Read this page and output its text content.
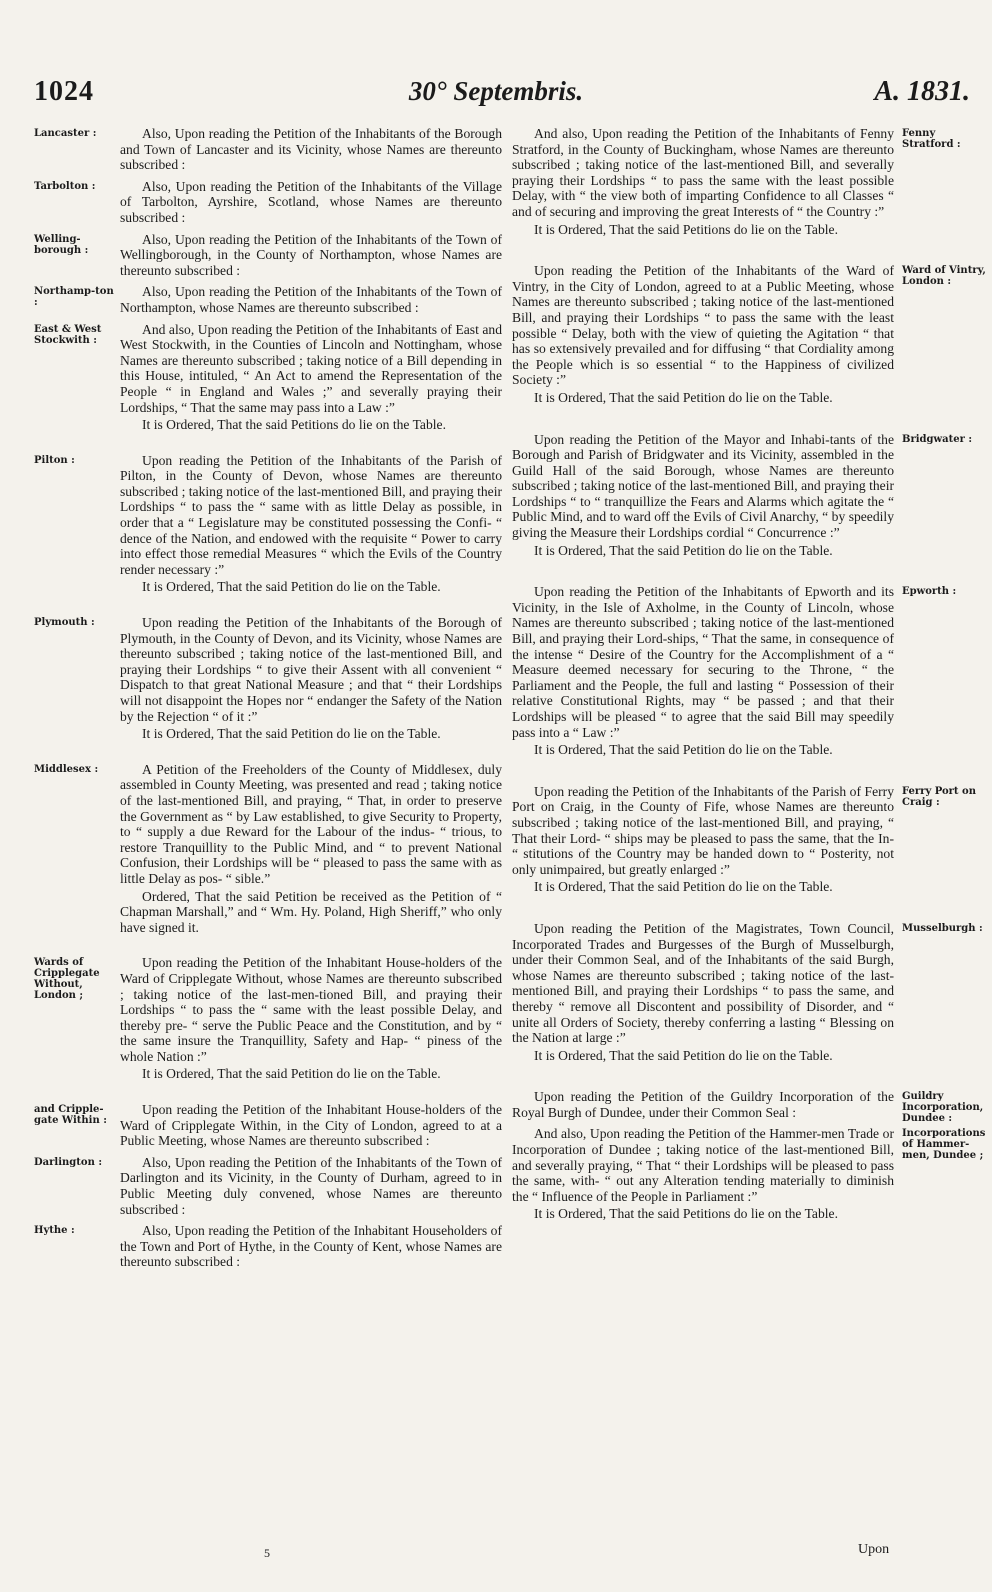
1024	30° Septembris.	A. 1831.
Lancaster :	Also, Upon reading the Petition of the Inhabitants of the Borough and Town of Lancaster and its Vicinity, whose Names are thereunto subscribed :

Tarbolton :	Also, Upon reading the Petition of the Inhabitants of the Village of Tarbolton, Ayrshire, Scotland, whose Names are thereunto subscribed :

Welling-borough :

Also, Upon reading the Petition of the Inhabitants of the Town of Wellingborough, in the County of Northampton, whose Names are thereunto subscribed :

Northamp-ton :

Also, Upon reading the Petition of the Inhabitants of the Town of Northampton, whose Names are thereunto subscribed :

East & West Stockwith :

And also, Upon reading the Petition of the Inhabitants of East and West Stockwith, in the Counties of Lincoln and Nottingham, whose Names are thereunto subscribed ; taking notice of a Bill depending in this House, intituled, “ An Act to amend the Representation of the People “ in England and Wales ;” and severally praying their Lordships, “ That the same may pass into a Law :”

It is Ordered, That the said Petitions do lie on the Table.

Pilton :	Upon reading the Petition of the Inhabitants of the Parish of Pilton, in the County of Devon, whose Names are thereunto subscribed ; taking notice of the last-mentioned Bill, and praying their Lordships “ to pass the “ same with as little Delay as possible, in order that a “ Legislature may be constituted possessing the Confi- “ dence of the Nation, and endowed with the requisite “ Power to carry into effect those remedial Measures “ which the Evils of the Country render necessary :”

It is Ordered, That the said Petition do lie on the Table.

Plymouth :	Upon reading the Petition of the Inhabitants of the Borough of Plymouth, in the County of Devon, and its Vicinity, whose Names are thereunto subscribed ; taking notice of the last-mentioned Bill, and praying their Lordships “ to give their Assent with all convenient “ Dispatch to that great National Measure ; and that “ their Lordships will not disappoint the Hopes nor “ endanger the Safety of the Nation by the Rejection “ of it :”

It is Ordered, That the said Petition do lie on the Table.

Middlesex :	A Petition of the Freeholders of the County of Middlesex, duly assembled in County Meeting, was presented and read ; taking notice of the last-mentioned Bill, and praying, “ That, in order to preserve the Government as “ by Law established, to give Security to Property, to “ supply a due Reward for the Labour of the indus- “ trious, to restore Tranquillity to the Public Mind, and “ to prevent National Confusion, their Lordships will be “ pleased to pass the same with as little Delay as pos- “ sible.”

Ordered, That the said Petition be received as the Petition of “ Chapman Marshall,” and “ Wm. Hy. Poland, High Sheriff,” who only have signed it.

Wards of Cripplegate Without, London ;

Upon reading the Petition of the Inhabitant House-holders of the Ward of Cripplegate Without, whose Names are thereunto subscribed ; taking notice of the last-men-tioned Bill, and praying their Lordships “ to pass the “ same with the least possible Delay, and thereby pre- “ serve the Public Peace and the Constitution, and by “ the same insure the Tranquillity, Safety and Hap- “ piness of the whole Nation :”

It is Ordered, That the said Petition do lie on the Table.

and Cripple-gate Within :

Upon reading the Petition of the Inhabitant House-holders of the Ward of Cripplegate Within, in the City of London, agreed to at a Public Meeting, whose Names are thereunto subscribed :

Darlington :	Also, Upon reading the Petition of the Inhabitants of the Town of Darlington and its Vicinity, in the County of Durham, agreed to in Public Meeting duly convened, whose Names are thereunto subscribed :

Hythe :	Also, Upon reading the Petition of the Inhabitant Householders of the Town and Port of Hythe, in the County of Kent, whose Names are thereunto subscribed :

Fenny Stratford :

And also, Upon reading the Petition of the Inhabitants of Fenny Stratford, in the County of Buckingham, whose Names are thereunto subscribed ; taking notice of the last-mentioned Bill, and severally praying their Lordships “ to pass the same with the least possible Delay, with “ the view both of imparting Confidence to all Classes “ and of securing and improving the great Interests of “ the Country :”

It is Ordered, That the said Petitions do lie on the Table.

Ward of Vintry, London :

Upon reading the Petition of the Inhabitants of the Ward of Vintry, in the City of London, agreed to at a Public Meeting, whose Names are thereunto subscribed ; taking notice of the last-mentioned Bill, and praying their Lordships “ to pass the same with the least possible “ Delay, both with the view of quieting the Agitation “ that has so extensively prevailed and for diffusing “ that Cordiality among the People which is so essential “ to the Happiness of civilized Society :”

It is Ordered, That the said Petition do lie on the Table.

Bridgwater :

Upon reading the Petition of the Mayor and Inhabi-tants of the Borough and Parish of Bridgwater and its Vicinity, assembled in the Guild Hall of the said Borough, whose Names are thereunto subscribed ; taking notice of the last-mentioned Bill, and praying their Lordships “ to “ tranquillize the Fears and Alarms which agitate the “ Public Mind, and to ward off the Evils of Civil Anarchy, “ by speedily giving the Measure their Lordships cordial “ Concurrence :”

It is Ordered, That the said Petition do lie on the Table.

Epworth :

Upon reading the Petition of the Inhabitants of Epworth and its Vicinity, in the Isle of Axholme, in the County of Lincoln, whose Names are thereunto subscribed ; taking notice of the last-mentioned Bill, and praying their Lord-ships, “ That the same, in consequence of the intense “ Desire of the Country for the Accomplishment of a “ Measure deemed necessary for securing to the Throne, “ the Parliament and the People, the full and lasting “ Possession of their relative Constitutional Rights, may “ be passed ; and that their Lordships will be pleased “ to agree that the said Bill may speedily pass into a “ Law :”

It is Ordered, That the said Petition do lie on the Table.

Ferry Port on Craig :

Upon reading the Petition of the Inhabitants of the Parish of Ferry Port on Craig, in the County of Fife, whose Names are thereunto subscribed ; taking notice of the last-mentioned Bill, and praying, “ That their Lord- “ ships may be pleased to pass the same, that the In- “ stitutions of the Country may be handed down to “ Posterity, not only unimpaired, but greatly enlarged :”

It is Ordered, That the said Petition do lie on the Table.

Musselburgh :

Upon reading the Petition of the Magistrates, Town Council, Incorporated Trades and Burgesses of the Burgh of Musselburgh, under their Common Seal, and of the Inhabitants of the said Burgh, whose Names are thereunto subscribed ; taking notice of the last-mentioned Bill, and praying their Lordships “ to pass the same, and thereby “ remove all Discontent and possibility of Disorder, and “ unite all Orders of Society, thereby conferring a lasting “ Blessing on the Nation at large :”

It is Ordered, That the said Petition do lie on the Table.

Guildry Incorporation, Dundee :

Upon reading the Petition of the Guildry Incorporation of the Royal Burgh of Dundee, under their Common Seal :

Incorporations of Hammer-men, Dundee ;

And also, Upon reading the Petition of the Hammer-men Trade or Incorporation of Dundee ; taking notice of the last-mentioned Bill, and severally praying, “ That “ their Lordships will be pleased to pass the same, with- “ out any Alteration tending materially to diminish the “ Influence of the People in Parliament :”

It is Ordered, That the said Petitions do lie on the Table.

5	Upon
